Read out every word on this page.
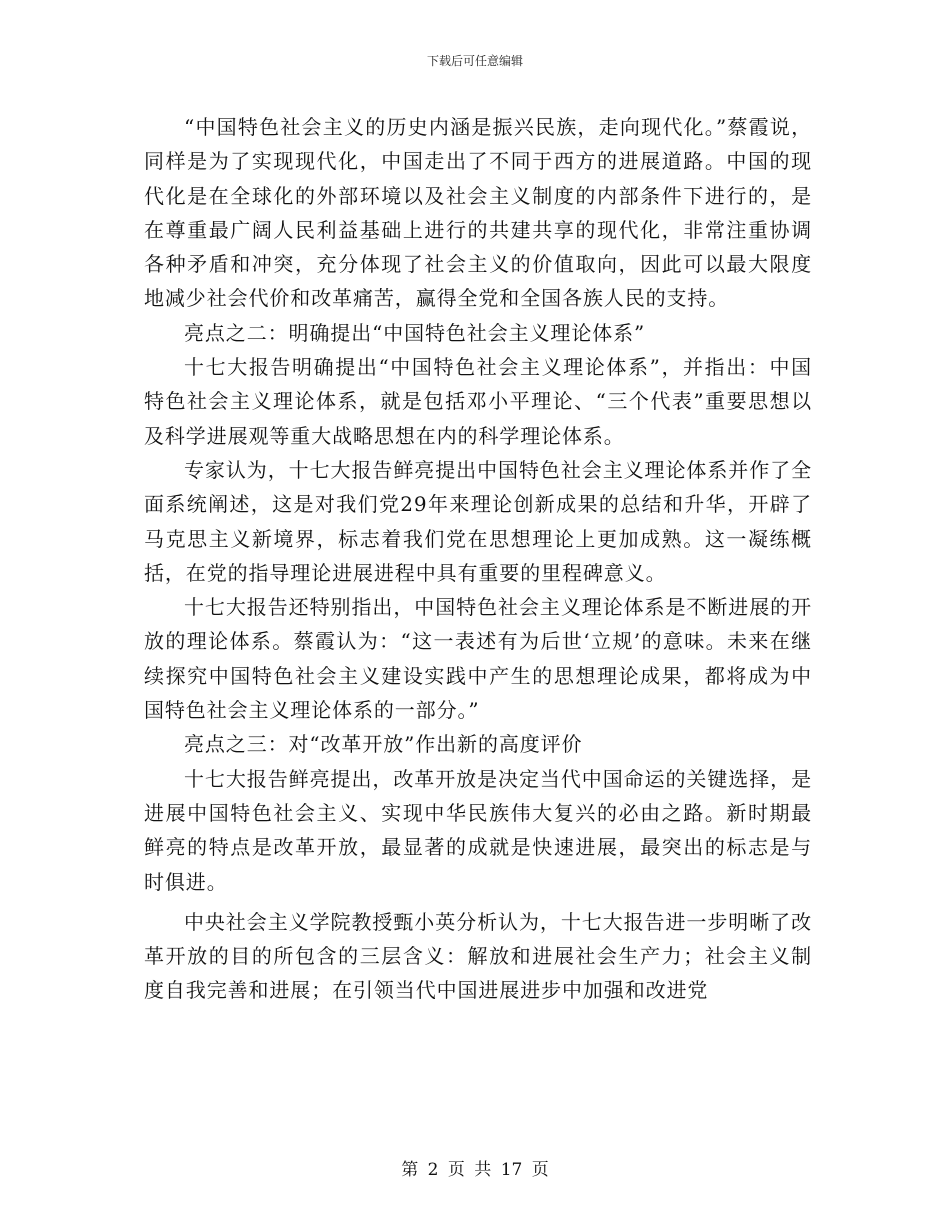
下载后可任意编辑

“中国特色社会主义的历史内涵是振兴民族，走向现代化。”蔡霞说，同样是为了实现现代化，中国走出了不同于西方的进展道路。中国的现代化是在全球化的外部环境以及社会主义制度的内部条件下进行的，是在尊重最广阔人民利益基础上进行的共建共享的现代化，非常注重协调各种矛盾和冲突，充分体现了社会主义的价值取向，因此可以最大限度地减少社会代价和改革痛苦，赢得全党和全国各族人民的支持。

亮点之二：明确提出“中国特色社会主义理论体系”

十七大报告明确提出“中国特色社会主义理论体系”，并指出：中国特色社会主义理论体系，就是包括邓小平理论、“三个代表”重要思想以及科学进展观等重大战略思想在内的科学理论体系。

专家认为，十七大报告鲜亮提出中国特色社会主义理论体系并作了全面系统阐述，这是对我们党29年来理论创新成果的总结和升华，开辟了马克思主义新境界，标志着我们党在思想理论上更加成熟。这一凝练概括，在党的指导理论进展进程中具有重要的里程碑意义。

十七大报告还特别指出，中国特色社会主义理论体系是不断进展的开放的理论体系。蔡霞认为：“这一表述有为后世‘立规’的意味。未来在继续探究中国特色社会主义建设实践中产生的思想理论成果，都将成为中国特色社会主义理论体系的一部分。”

亮点之三：对“改革开放”作出新的高度评价

十七大报告鲜亮提出，改革开放是决定当代中国命运的关键选择，是进展中国特色社会主义、实现中华民族伟大复兴的必由之路。新时期最鲜亮的特点是改革开放，最显著的成就是快速进展，最突出的标志是与时俱进。

中央社会主义学院教授甄小英分析认为，十七大报告进一步明晰了改革开放的目的所包含的三层含义：解放和进展社会生产力；社会主义制度自我完善和进展；在引领当代中国进展进步中加强和改进党

第 2 页 共 17 页
